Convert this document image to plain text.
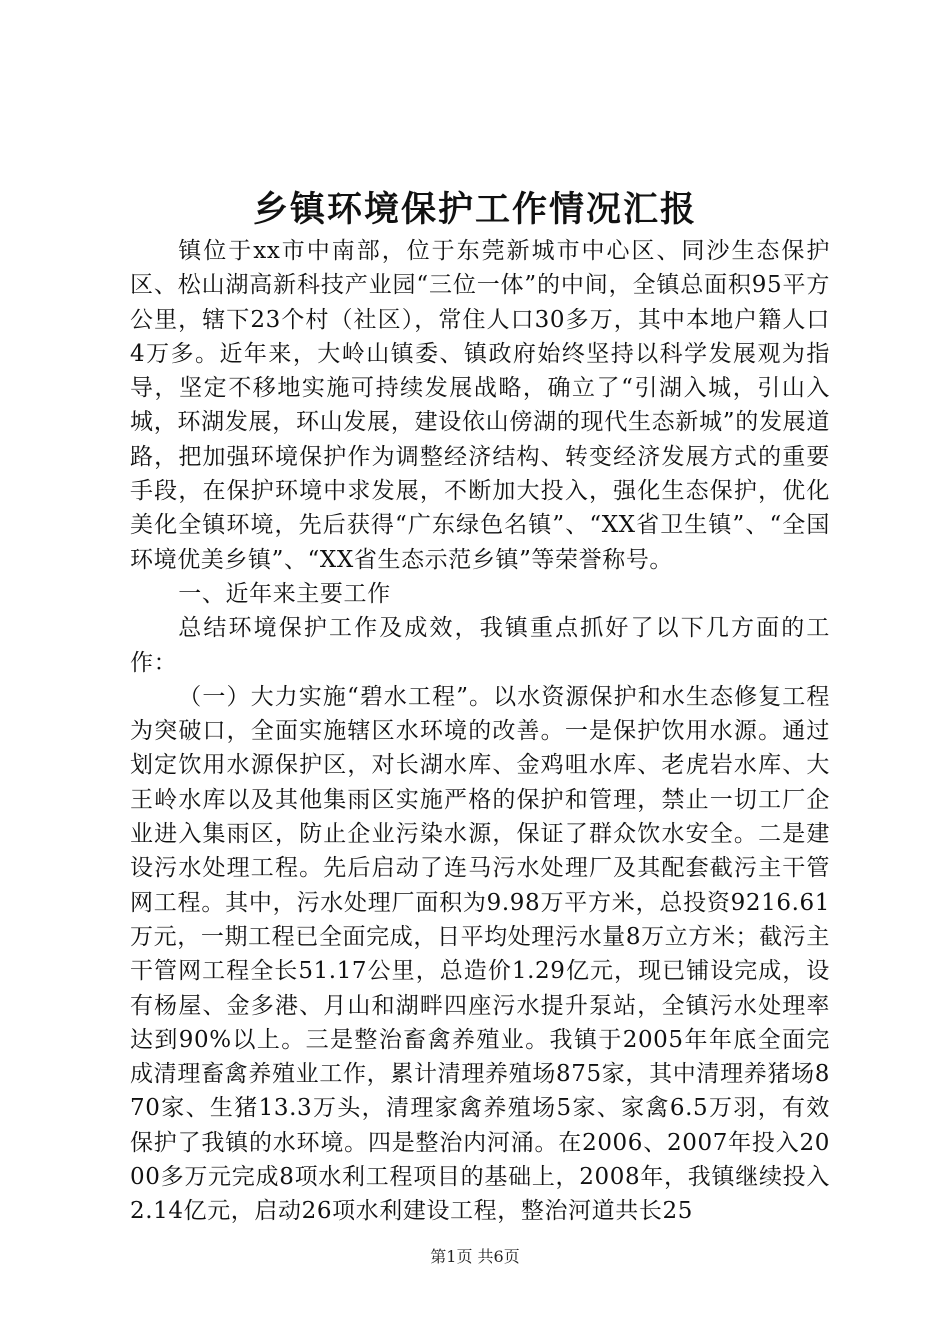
乡镇环境保护工作情况汇报

镇位于xx市中南部，位于东莞新城市中心区、同沙生态保护区、松山湖高新科技产业园“三位一体”的中间，全镇总面积95平方公里，辖下23个村（社区），常住人口30多万，其中本地户籍人口4万多。近年来，大岭山镇委、镇政府始终坚持以科学发展观为指导，坚定不移地实施可持续发展战略，确立了“引湖入城，引山入城，环湖发展，环山发展，建设依山傍湖的现代生态新城”的发展道路，把加强环境保护作为调整经济结构、转变经济发展方式的重要手段，在保护环境中求发展，不断加大投入，强化生态保护，优化美化全镇环境，先后获得“广东绿色名镇”、“XX省卫生镇”、“全国环境优美乡镇”、“XX省生态示范乡镇”等荣誉称号。

一、近年来主要工作

总结环境保护工作及成效，我镇重点抓好了以下几方面的工作：

（一）大力实施“碧水工程”。以水资源保护和水生态修复工程为突破口，全面实施辖区水环境的改善。一是保护饮用水源。通过划定饮用水源保护区，对长湖水库、金鸡咀水库、老虎岩水库、大王岭水库以及其他集雨区实施严格的保护和管理，禁止一切工厂企业进入集雨区，防止企业污染水源，保证了群众饮水安全。二是建设污水处理工程。先后启动了连马污水处理厂及其配套截污主干管网工程。其中，污水处理厂面积为9.98万平方米，总投资9216.61万元，一期工程已全面完成，日平均处理污水量8万立方米；截污主干管网工程全长51.17公里，总造价1.29亿元，现已铺设完成，设有杨屋、金多港、月山和湖畔四座污水提升泵站，全镇污水处理率达到90%以上。三是整治畜禽养殖业。我镇于2005年年底全面完成清理畜禽养殖业工作，累计清理养殖场875家，其中清理养猪场870家、生猪13.3万头，清理家禽养殖场5家、家禽6.5万羽，有效保护了我镇的水环境。四是整治内河涌。在2006、2007年投入2000多万元完成8项水利工程项目的基础上，2008年，我镇继续投入2.14亿元，启动26项水利建设工程，整治河道共长25

第1页 共6页
